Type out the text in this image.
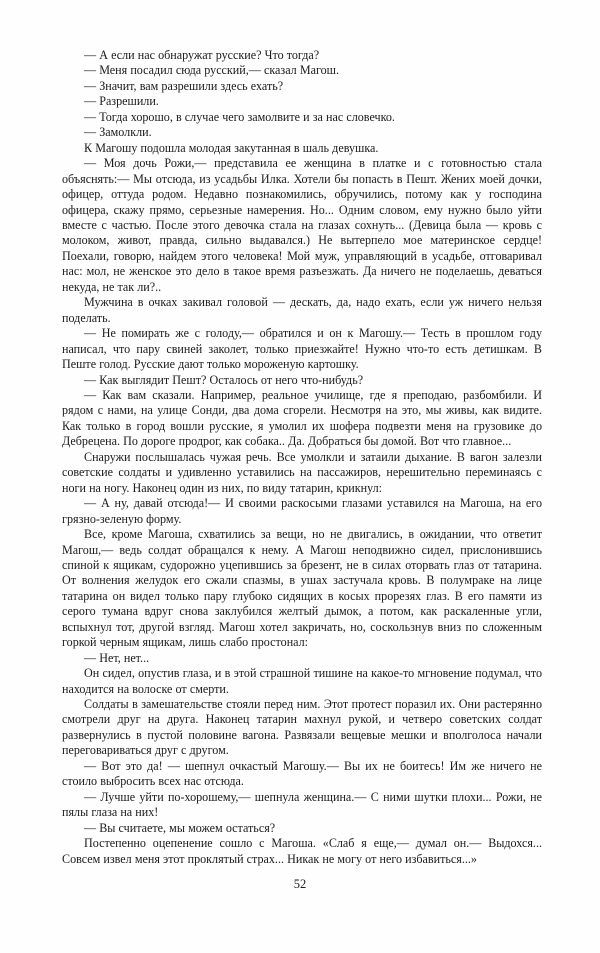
— А если нас обнаружат русские? Что тогда?

— Меня посадил сюда русский,— сказал Магош.

— Значит, вам разрешили здесь ехать?

— Разрешили.

— Тогда хорошо, в случае чего замолвите и за нас словечко.

— Замолкли.

К Магошу подошла молодая закутанная в шаль девушка.

— Моя дочь Рожи,— представила ее женщина в платке и с готовностью стала объяснять:— Мы отсюда, из усадьбы Илка. Хотели бы попасть в Пешт. Жених моей дочки, офицер, оттуда родом. Недавно познакомились, обручились, потому как у господина офицера, скажу прямо, серьезные намерения. Но... Одним словом, ему нужно было уйти вместе с частью. После этого девочка стала на глазах сохнуть... (Девица была — кровь с молоком, живот, правда, сильно выдавался.) Не вытерпело мое материнское сердце! Поехали, говорю, найдем этого человека! Мой муж, управляющий в усадьбе, отговаривал нас: мол, не женское это дело в такое время разъезжать. Да ничего не поделаешь, деваться некуда, не так ли?..

Мужчина в очках закивал головой — дескать, да, надо ехать, если уж ничего нельзя поделать.

— Не помирать же с голоду,— обратился и он к Магошу.— Тесть в прошлом году написал, что пару свиней заколет, только приезжайте! Нужно что-то есть детишкам. В Пеште голод. Русские дают только мороженую картошку.

— Как выглядит Пешт? Осталось от него что-нибудь?

— Как вам сказали. Например, реальное училище, где я преподаю, разбомбили. И рядом с нами, на улице Сонди, два дома сгорели. Несмотря на это, мы живы, как видите. Как только в город вошли русские, я умолил их шофера подвезти меня на грузовике до Дебрецена. По дороге продрог, как собака.. Да. Добраться бы домой. Вот что главное...

Снаружи послышалась чужая речь. Все умолкли и затаили дыхание. В вагон залезли советские солдаты и удивленно уставились на пассажиров, нерешительно переминаясь с ноги на ногу. Наконец один из них, по виду татарин, крикнул:

— А ну, давай отсюда!— И своими раскосыми глазами уставился на Магоша, на его грязно-зеленую форму.

Все, кроме Магоша, схватились за вещи, но не двигались, в ожидании, что ответит Магош,— ведь солдат обращался к нему. А Магош неподвижно сидел, прислонившись спиной к ящикам, судорожно уцепившись за брезент, не в силах оторвать глаз от татарина. От волнения желудок его сжали спазмы, в ушах застучала кровь. В полумраке на лице татарина он видел только пару глубоко сидящих в косых прорезях глаз. В его памяти из серого тумана вдруг снова заклубился желтый дымок, а потом, как раскаленные угли, вспыхнул тот, другой взгляд. Магош хотел закричать, но, соскользнув вниз по сложенным горкой черным ящикам, лишь слабо простонал:

— Нет, нет...

Он сидел, опустив глаза, и в этой страшной тишине на какое-то мгновение подумал, что находится на волоске от смерти.

Солдаты в замешательстве стояли перед ним. Этот протест поразил их. Они растерянно смотрели друг на друга. Наконец татарин махнул рукой, и четверо советских солдат развернулись в пустой половине вагона. Развязали вещевые мешки и вполголоса начали переговариваться друг с другом.

— Вот это да! — шепнул очкастый Магошу.— Вы их не боитесь! Им же ничего не стоило выбросить всех нас отсюда.

— Лучше уйти по-хорошему,— шепнула женщина.— С ними шутки плохи... Рожи, не пялы глаза на них!

— Вы считаете, мы можем остаться?

Постепенно оцепенение сошло с Магоша. «Слаб я еще,— думал он.— Выдохся... Совсем извел меня этот проклятый страх... Никак не могу от него избавиться...»

52
